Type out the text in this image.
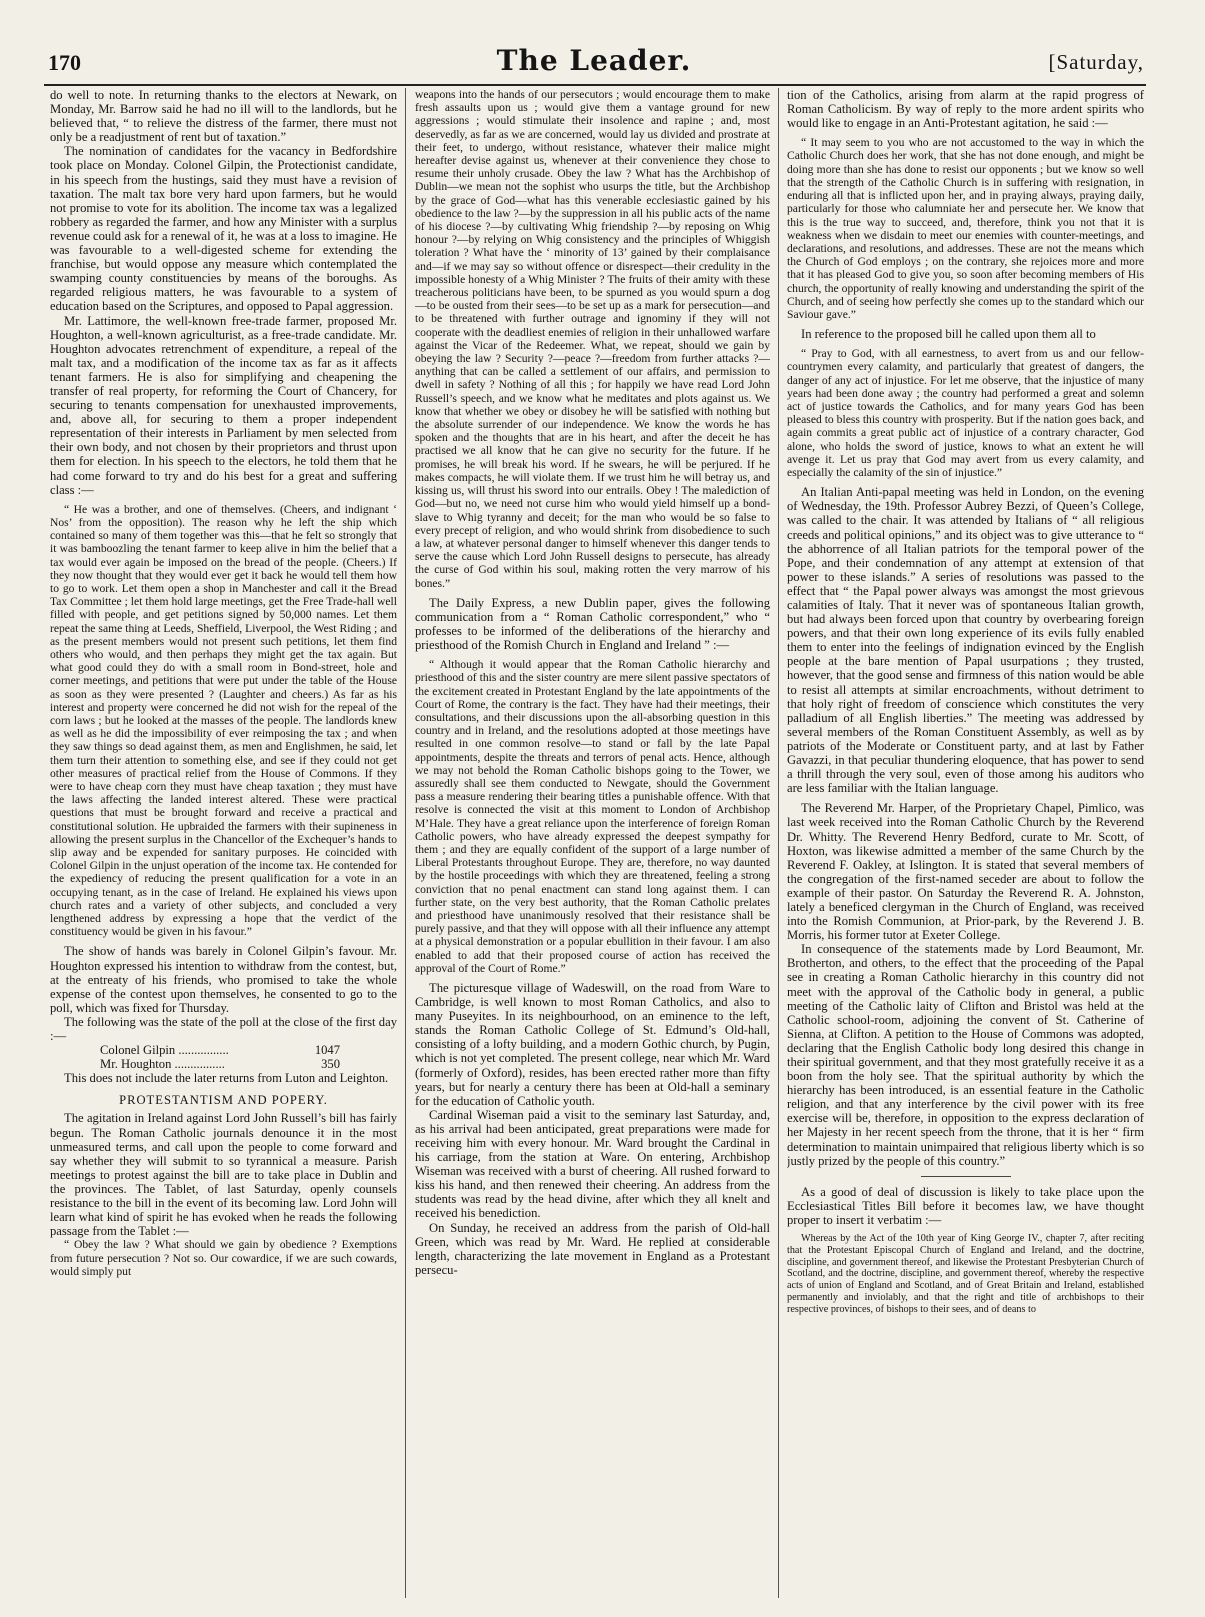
170	The Leader.	[Saturday,

do well to note. In returning thanks to the electors at Newark, on Monday, Mr. Barrow said he had no ill will to the landlords, but he believed that, “ to relieve the distress of the farmer, there must not only be a readjustment of rent but of taxation.”

The nomination of candidates for the vacancy in Bedfordshire took place on Monday. Colonel Gilpin, the Protectionist candidate, in his speech from the hustings, said they must have a revision of taxation. The malt tax bore very hard upon farmers, but he would not promise to vote for its abolition. The income tax was a legalized robbery as regarded the farmer, and how any Minister with a surplus revenue could ask for a renewal of it, he was at a loss to imagine. He was favourable to a well-digested scheme for extending the franchise, but would oppose any measure which contemplated the swamping county constituencies by means of the boroughs. As regarded religious matters, he was favourable to a system of education based on the Scriptures, and opposed to Papal aggression.

Mr. Lattimore, the well-known free-trade farmer, proposed Mr. Houghton, a well-known agriculturist, as a free-trade candidate. Mr. Houghton advocates retrenchment of expenditure, a repeal of the malt tax, and a modification of the income tax as far as it affects tenant farmers. He is also for simplifying and cheapening the transfer of real property, for reforming the Court of Chancery, for securing to tenants compensation for unexhausted improvements, and, above all, for securing to them a proper independent representation of their interests in Parliament by men selected from their own body, and not chosen by their proprietors and thrust upon them for election. In his speech to the electors, he told them that he had come forward to try and do his best for a great and suffering class :—

“ He was a brother, and one of themselves. (Cheers, and indignant ‘ Nos’ from the opposition). The reason why he left the ship which contained so many of them together was this—that he felt so strongly that it was bamboozling the tenant farmer to keep alive in him the belief that a tax would ever again be imposed on the bread of the people. (Cheers.) If they now thought that they would ever get it back he would tell them how to go to work. Let them open a shop in Manchester and call it the Bread Tax Committee ; let them hold large meetings, get the Free Trade-hall well filled with people, and get petitions signed by 50,000 names. Let them repeat the same thing at Leeds, Sheffield, Liverpool, the West Riding ; and as the present members would not present such petitions, let them find others who would, and then perhaps they might get the tax again. But what good could they do with a small room in Bond-street, hole and corner meetings, and petitions that were put under the table of the House as soon as they were presented ? (Laughter and cheers.) As far as his interest and property were concerned he did not wish for the repeal of the corn laws ; but he looked at the masses of the people. The landlords knew as well as he did the impossibility of ever reimposing the tax ; and when they saw things so dead against them, as men and Englishmen, he said, let them turn their attention to something else, and see if they could not get other measures of practical relief from the House of Commons. If they were to have cheap corn they must have cheap taxation ; they must have the laws affecting the landed interest altered. These were practical questions that must be brought forward and receive a practical and constitutional solution. He upbraided the farmers with their supineness in allowing the present surplus in the Chancellor of the Exchequer’s hands to slip away and be expended for sanitary purposes. He coincided with Colonel Gilpin in the unjust operation of the income tax. He contended for the expediency of reducing the present qualification for a vote in an occupying tenant, as in the case of Ireland. He explained his views upon church rates and a variety of other subjects, and concluded a very lengthened address by expressing a hope that the verdict of the constituency would be given in his favour.”

The show of hands was barely in Colonel Gilpin’s favour. Mr. Houghton expressed his intention to withdraw from the contest, but, at the entreaty of his friends, who promised to take the whole expense of the contest upon themselves, he consented to go to the poll, which was fixed for Thursday.

The following was the state of the poll at the close of the first day :—

Colonel Gilpin ................	1047
Mr. Houghton ................	350

This does not include the later returns from Luton and Leighton.

PROTESTANTISM AND POPERY.

The agitation in Ireland against Lord John Russell’s bill has fairly begun. The Roman Catholic journals denounce it in the most unmeasured terms, and call upon the people to come forward and say whether they will submit to so tyrannical a measure. Parish meetings to protest against the bill are to take place in Dublin and the provinces. The Tablet, of last Saturday, openly counsels resistance to the bill in the event of its becoming law. Lord John will learn what kind of spirit he has evoked when he reads the following passage from the Tablet :—

“ Obey the law ? What should we gain by obedience ? Exemptions from future persecution ? Not so. Our cowardice, if we are such cowards, would simply put

weapons into the hands of our persecutors ; would encourage them to make fresh assaults upon us ; would give them a vantage ground for new aggressions ; would stimulate their insolence and rapine ; and, most deservedly, as far as we are concerned, would lay us divided and prostrate at their feet, to undergo, without resistance, whatever their malice might hereafter devise against us, whenever at their convenience they chose to resume their unholy crusade. Obey the law ? What has the Archbishop of Dublin—we mean not the sophist who usurps the title, but the Archbishop by the grace of God—what has this venerable ecclesiastic gained by his obedience to the law ?—by the suppression in all his public acts of the name of his diocese ?—by cultivating Whig friendship ?—by reposing on Whig honour ?—by relying on Whig consistency and the principles of Whiggish toleration ? What have the ‘ minority of 13’ gained by their complaisance and—if we may say so without offence or disrespect—their credulity in the impossible honesty of a Whig Minister ? The fruits of their amity with these treacherous politicians have been, to be spurned as you would spurn a dog—to be ousted from their sees—to be set up as a mark for persecution—and to be threatened with further outrage and ignominy if they will not cooperate with the deadliest enemies of religion in their unhallowed warfare against the Vicar of the Redeemer. What, we repeat, should we gain by obeying the law ? Security ?—peace ?—freedom from further attacks ?—anything that can be called a settlement of our affairs, and permission to dwell in safety ? Nothing of all this ; for happily we have read Lord John Russell’s speech, and we know what he meditates and plots against us. We know that whether we obey or disobey he will be satisfied with nothing but the absolute surrender of our independence. We know the words he has spoken and the thoughts that are in his heart, and after the deceit he has practised we all know that he can give no security for the future. If he promises, he will break his word. If he swears, he will be perjured. If he makes compacts, he will violate them. If we trust him he will betray us, and kissing us, will thrust his sword into our entrails. Obey ! The malediction of God—but no, we need not curse him who would yield himself up a bond-slave to Whig tyranny and deceit; for the man who would be so false to every precept of religion, and who would shrink from disobedience to such a law, at whatever personal danger to himself whenever this danger tends to serve the cause which Lord John Russell designs to persecute, has already the curse of God within his soul, making rotten the very marrow of his bones.”

The Daily Express, a new Dublin paper, gives the following communication from a “ Roman Catholic correspondent,” who “ professes to be informed of the deliberations of the hierarchy and priesthood of the Romish Church in England and Ireland ” :—

“ Although it would appear that the Roman Catholic hierarchy and priesthood of this and the sister country are mere silent passive spectators of the excitement created in Protestant England by the late appointments of the Court of Rome, the contrary is the fact. They have had their meetings, their consultations, and their discussions upon the all-absorbing question in this country and in Ireland, and the resolutions adopted at those meetings have resulted in one common resolve—to stand or fall by the late Papal appointments, despite the threats and terrors of penal acts. Hence, although we may not behold the Roman Catholic bishops going to the Tower, we assuredly shall see them conducted to Newgate, should the Government pass a measure rendering their bearing titles a punishable offence. With that resolve is connected the visit at this moment to London of Archbishop M’Hale. They have a great reliance upon the interference of foreign Roman Catholic powers, who have already expressed the deepest sympathy for them ; and they are equally confident of the support of a large number of Liberal Protestants throughout Europe. They are, therefore, no way daunted by the hostile proceedings with which they are threatened, feeling a strong conviction that no penal enactment can stand long against them. I can further state, on the very best authority, that the Roman Catholic prelates and priesthood have unanimously resolved that their resistance shall be purely passive, and that they will oppose with all their influence any attempt at a physical demonstration or a popular ebullition in their favour. I am also enabled to add that their proposed course of action has received the approval of the Court of Rome.”

The picturesque village of Wadeswill, on the road from Ware to Cambridge, is well known to most Roman Catholics, and also to many Puseyites. In its neighbourhood, on an eminence to the left, stands the Roman Catholic College of St. Edmund’s Old-hall, consisting of a lofty building, and a modern Gothic church, by Pugin, which is not yet completed. The present college, near which Mr. Ward (formerly of Oxford), resides, has been erected rather more than fifty years, but for nearly a century there has been at Old-hall a seminary for the education of Catholic youth.

Cardinal Wiseman paid a visit to the seminary last Saturday, and, as his arrival had been anticipated, great preparations were made for receiving him with every honour. Mr. Ward brought the Cardinal in his carriage, from the station at Ware. On entering, Archbishop Wiseman was received with a burst of cheering. All rushed forward to kiss his hand, and then renewed their cheering. An address from the students was read by the head divine, after which they all knelt and received his benediction.

On Sunday, he received an address from the parish of Old-hall Green, which was read by Mr. Ward. He replied at considerable length, characterizing the late movement in England as a Protestant persecu-

tion of the Catholics, arising from alarm at the rapid progress of Roman Catholicism. By way of reply to the more ardent spirits who would like to engage in an Anti-Protestant agitation, he said :—

“ It may seem to you who are not accustomed to the way in which the Catholic Church does her work, that she has not done enough, and might be doing more than she has done to resist our opponents ; but we know so well that the strength of the Catholic Church is in suffering with resignation, in enduring all that is inflicted upon her, and in praying always, praying daily, particularly for those who calumniate her and persecute her. We know that this is the true way to succeed, and, therefore, think you not that it is weakness when we disdain to meet our enemies with counter-meetings, and declarations, and resolutions, and addresses. These are not the means which the Church of God employs ; on the contrary, she rejoices more and more that it has pleased God to give you, so soon after becoming members of His church, the opportunity of really knowing and understanding the spirit of the Church, and of seeing how perfectly she comes up to the standard which our Saviour gave.”

In reference to the proposed bill he called upon them all to

“ Pray to God, with all earnestness, to avert from us and our fellow-countrymen every calamity, and particularly that greatest of dangers, the danger of any act of injustice. For let me observe, that the injustice of many years had been done away ; the country had performed a great and solemn act of justice towards the Catholics, and for many years God has been pleased to bless this country with prosperity. But if the nation goes back, and again commits a great public act of injustice of a contrary character, God alone, who holds the sword of justice, knows to what an extent he will avenge it. Let us pray that God may avert from us every calamity, and especially the calamity of the sin of injustice.”

An Italian Anti-papal meeting was held in London, on the evening of Wednesday, the 19th. Professor Aubrey Bezzi, of Queen’s College, was called to the chair. It was attended by Italians of “ all religious creeds and political opinions,” and its object was to give utterance to “ the abhorrence of all Italian patriots for the temporal power of the Pope, and their condemnation of any attempt at extension of that power to these islands.” A series of resolutions was passed to the effect that “ the Papal power always was amongst the most grievous calamities of Italy. That it never was of spontaneous Italian growth, but had always been forced upon that country by overbearing foreign powers, and that their own long experience of its evils fully enabled them to enter into the feelings of indignation evinced by the English people at the bare mention of Papal usurpations ; they trusted, however, that the good sense and firmness of this nation would be able to resist all attempts at similar encroachments, without detriment to that holy right of freedom of conscience which constitutes the very palladium of all English liberties.” The meeting was addressed by several members of the Roman Constituent Assembly, as well as by patriots of the Moderate or Constituent party, and at last by Father Gavazzi, in that peculiar thundering eloquence, that has power to send a thrill through the very soul, even of those among his auditors who are less familiar with the Italian language.

The Reverend Mr. Harper, of the Proprietary Chapel, Pimlico, was last week received into the Roman Catholic Church by the Reverend Dr. Whitty. The Reverend Henry Bedford, curate to Mr. Scott, of Hoxton, was likewise admitted a member of the same Church by the Reverend F. Oakley, at Islington. It is stated that several members of the congregation of the first-named seceder are about to follow the example of their pastor. On Saturday the Reverend R. A. Johnston, lately a beneficed clergyman in the Church of England, was received into the Romish Communion, at Prior-park, by the Reverend J. B. Morris, his former tutor at Exeter College.

In consequence of the statements made by Lord Beaumont, Mr. Brotherton, and others, to the effect that the proceeding of the Papal see in creating a Roman Catholic hierarchy in this country did not meet with the approval of the Catholic body in general, a public meeting of the Catholic laity of Clifton and Bristol was held at the Catholic school-room, adjoining the convent of St. Catherine of Sienna, at Clifton. A petition to the House of Commons was adopted, declaring that the English Catholic body long desired this change in their spiritual government, and that they most gratefully receive it as a boon from the holy see. That the spiritual authority by which the hierarchy has been introduced, is an essential feature in the Catholic religion, and that any interference by the civil power with its free exercise will be, therefore, in opposition to the express declaration of her Majesty in her recent speech from the throne, that it is her “ firm determination to maintain unimpaired that religious liberty which is so justly prized by the people of this country.”

As a good of deal of discussion is likely to take place upon the Ecclesiastical Titles Bill before it becomes law, we have thought proper to insert it verbatim :—

Whereas by the Act of the 10th year of King George IV., chapter 7, after reciting that the Protestant Episcopal Church of England and Ireland, and the doctrine, discipline, and government thereof, and likewise the Protestant Presbyterian Church of Scotland, and the doctrine, discipline, and government thereof, whereby the respective acts of union of England and Scotland, and of Great Britain and Ireland, established permanently and inviolably, and that the right and title of archbishops to their respective provinces, of bishops to their sees, and of deans to
